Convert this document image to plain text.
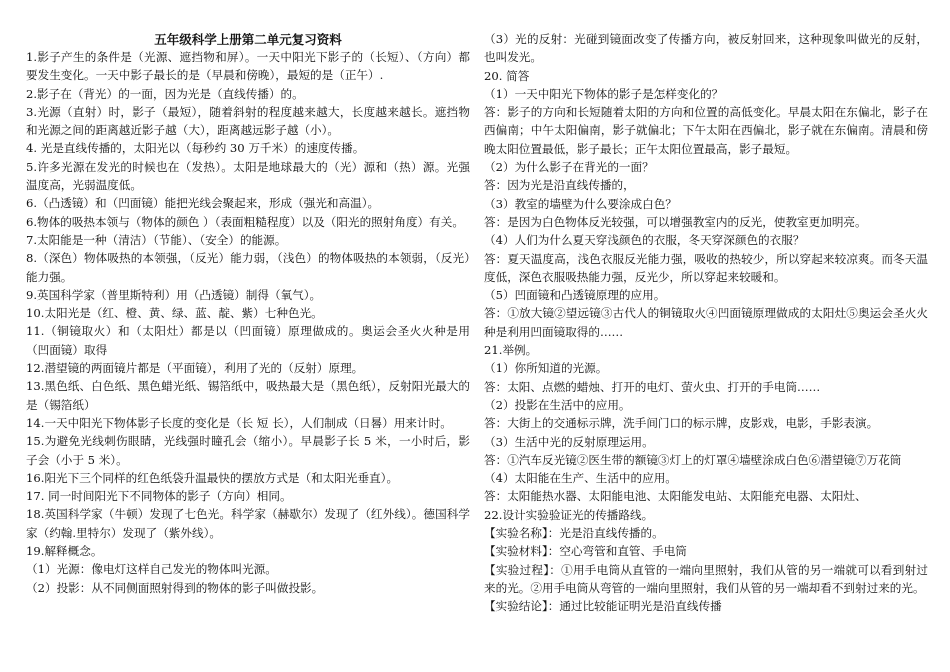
五年级科学上册第二单元复习资料
1.影子产生的条件是（光源、遮挡物和屏）。一天中阳光下影子的（长短）、（方向）都要发生变化。一天中影子最长的是（早晨和傍晚），最短的是（正午）.
2.影子在（背光）的一面，因为光是（直线传播）的。
3.光源（直射）时，影子（最短），随着斜射的程度越来越大，长度越来越长。遮挡物和光源之间的距离越近影子越（大），距离越远影子越（小）。
4. 光是直线传播的，太阳光以（每秒约 30 万千米）的速度传播。
5.许多光源在发光的时候也在（发热）。太阳是地球最大的（光）源和（热）源。光强温度高，光弱温度低。
6.（凸透镜）和（凹面镜）能把光线会聚起来，形成（强光和高温）。
6.物体的吸热本领与（物体的颜色 ）（表面粗糙程度）以及（阳光的照射角度）有关。
7.太阳能是一种（清洁）（节能）、（安全）的能源。
8.（深色）物体吸热的本领强，（反光）能力弱，（浅色）的物体吸热的本领弱，（反光）能力强。
9.英国科学家（普里斯特利）用（凸透镜）制得（氧气）。
10.太阳光是（红、橙、黄、绿、蓝、靛、紫）七种色光。
11.（铜镜取火）和（太阳灶）都是以（凹面镜）原理做成的。奥运会圣火火种是用（凹面镜）取得
12.潜望镜的两面镜片都是（平面镜），利用了光的（反射）原理。
13.黑色纸、白色纸、黑色蜡光纸、锡箔纸中，吸热最大是（黑色纸），反射阳光最大的是（锡箔纸）
14.一天中阳光下物体影子长度的变化是（长 短 长），人们制成（日晷）用来计时。
15.为避免光线刺伤眼睛，光线强时瞳孔会（缩小）。早晨影子长 5 米，一小时后，影子会（小于 5 米）。
16.阳光下三个同样的红色纸袋升温最快的摆放方式是（和太阳光垂直）。
17. 同一时间阳光下不同物体的影子（方向）相同。
18.英国科学家（牛顿）发现了七色光。科学家（赫歇尔）发现了（红外线）。德国科学家（约翰.里特尔）发现了（紫外线）。
19.解释概念。
（1）光源：像电灯这样自己发光的物体叫光源。
（2）投影：从不同侧面照射得到的物体的影子叫做投影。
（3）光的反射：光碰到镜面改变了传播方向，被反射回来，这种现象叫做光的反射，也叫发光。
20. 简答
（1）一天中阳光下物体的影子是怎样变化的？
答：影子的方向和长短随着太阳的方向和位置的高低变化。早晨太阳在东偏北，影子在西偏南；中午太阳偏南，影子就偏北；下午太阳在西偏北，影子就在东偏南。清晨和傍晚太阳位置最低，影子最长；正午太阳位置最高，影子最短。
（2）为什么影子在背光的一面？
答：因为光是沿直线传播的，
（3）教室的墙壁为什么要涂成白色？
答：是因为白色物体反光较强，可以增强教室内的反光，使教室更加明亮。
（4）人们为什么夏天穿浅颜色的衣服，冬天穿深颜色的衣服？
答：夏天温度高，浅色衣服反光能力强，吸收的热较少，所以穿起来较凉爽。而冬天温度低，深色衣服吸热能力强，反光少，所以穿起来较暖和。
（5）凹面镜和凸透镜原理的应用。
答：①放大镜②望远镜③古代人的铜镜取火④凹面镜原理做成的太阳灶⑤奥运会圣火火种是利用凹面镜取得的……
21.举例。
（1）你所知道的光源。
答：太阳、点燃的蜡烛、打开的电灯、萤火虫、打开的手电筒……
（2）投影在生活中的应用。
答：大街上的交通标示牌，洗手间门口的标示牌，皮影戏，电影，手影表演。
（3）生活中光的反射原理运用。
答：①汽车反光镜②医生带的额镜③灯上的灯罩④墙壁涂成白色⑥潜望镜⑦万花筒
（4）太阳能在生产、生活中的应用。
答：太阳能热水器、太阳能电池、太阳能发电站、太阳能充电器、太阳灶、
22.设计实验验证光的传播路线。
【实验名称】：光是沿直线传播的。
【实验材料】：空心弯管和直管、手电筒
【实验过程】：①用手电筒从直管的一端向里照射，我们从管的另一端就可以看到射过来的光。②用手电筒从弯管的一端向里照射，我们从管的另一端却看不到射过来的光。
【实验结论】：通过比较能证明光是沿直线传播
